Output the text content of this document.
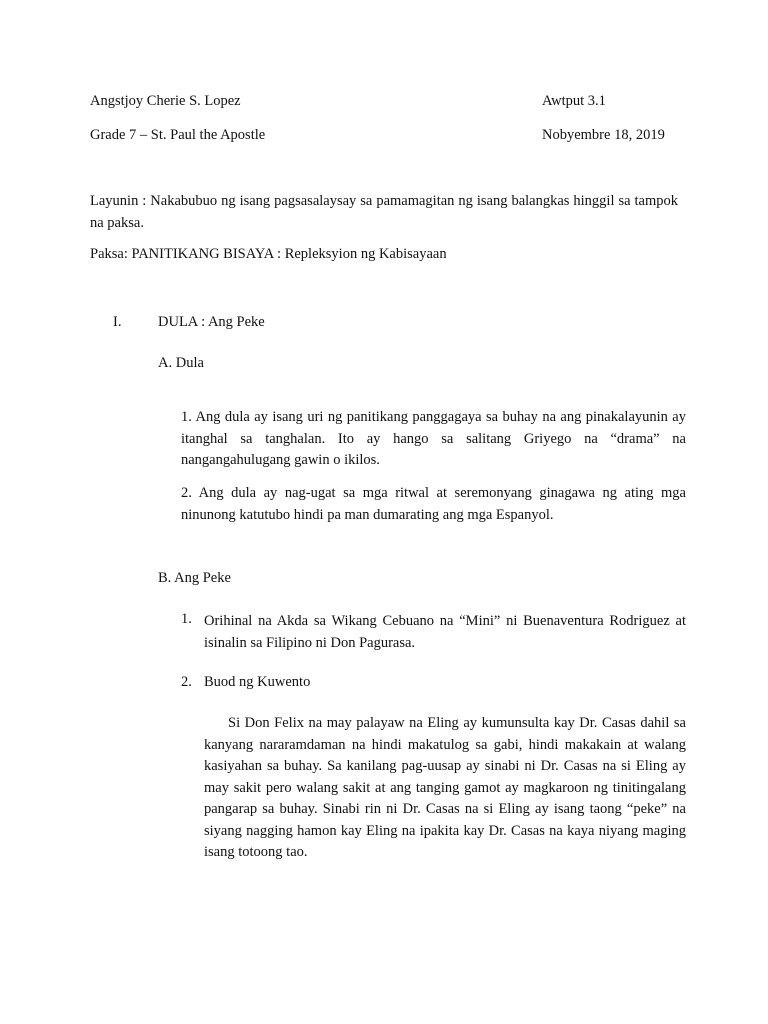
Angstjoy Cherie S. Lopez	Awtput 3.1
Grade 7 – St. Paul the Apostle	Nobyembre 18, 2019
Layunin : Nakabubuo ng isang pagsasalaysay sa pamamagitan ng isang balangkas hinggil sa tampok na paksa.
Paksa: PANITIKANG BISAYA : Repleksyion ng Kabisayaan
I.	DULA : Ang Peke
A. Dula
1. Ang dula ay isang uri ng panitikang panggagaya sa buhay na ang pinakalayunin ay itanghal sa tanghalan. Ito ay hango sa salitang Griyego na “drama” na nangangahulugang gawin o ikilos.
2. Ang dula ay nag-ugat sa mga ritwal at seremonyang ginagawa ng ating mga ninunong katutubo hindi pa man dumarating ang mga Espanyol.
B. Ang Peke
1. Orihinal na Akda sa Wikang Cebuano na “Mini” ni Buenaventura Rodriguez at isinalin sa Filipino ni Don Pagurasa.
2. Buod ng Kuwento
Si Don Felix na may palayaw na Eling ay kumunsulta kay Dr. Casas dahil sa kanyang nararamdaman na hindi makatulog sa gabi, hindi makakain at walang kasiyahan sa buhay. Sa kanilang pag-uusap ay sinabi ni Dr. Casas na si Eling ay may sakit pero walang sakit at ang tanging gamot ay magkaroon ng tinitingalang pangarap sa buhay. Sinabi rin ni Dr. Casas na si Eling ay isang taong “peke” na siyang nagging hamon kay Eling na ipakita kay Dr. Casas na kaya niyang maging isang totoong tao.
